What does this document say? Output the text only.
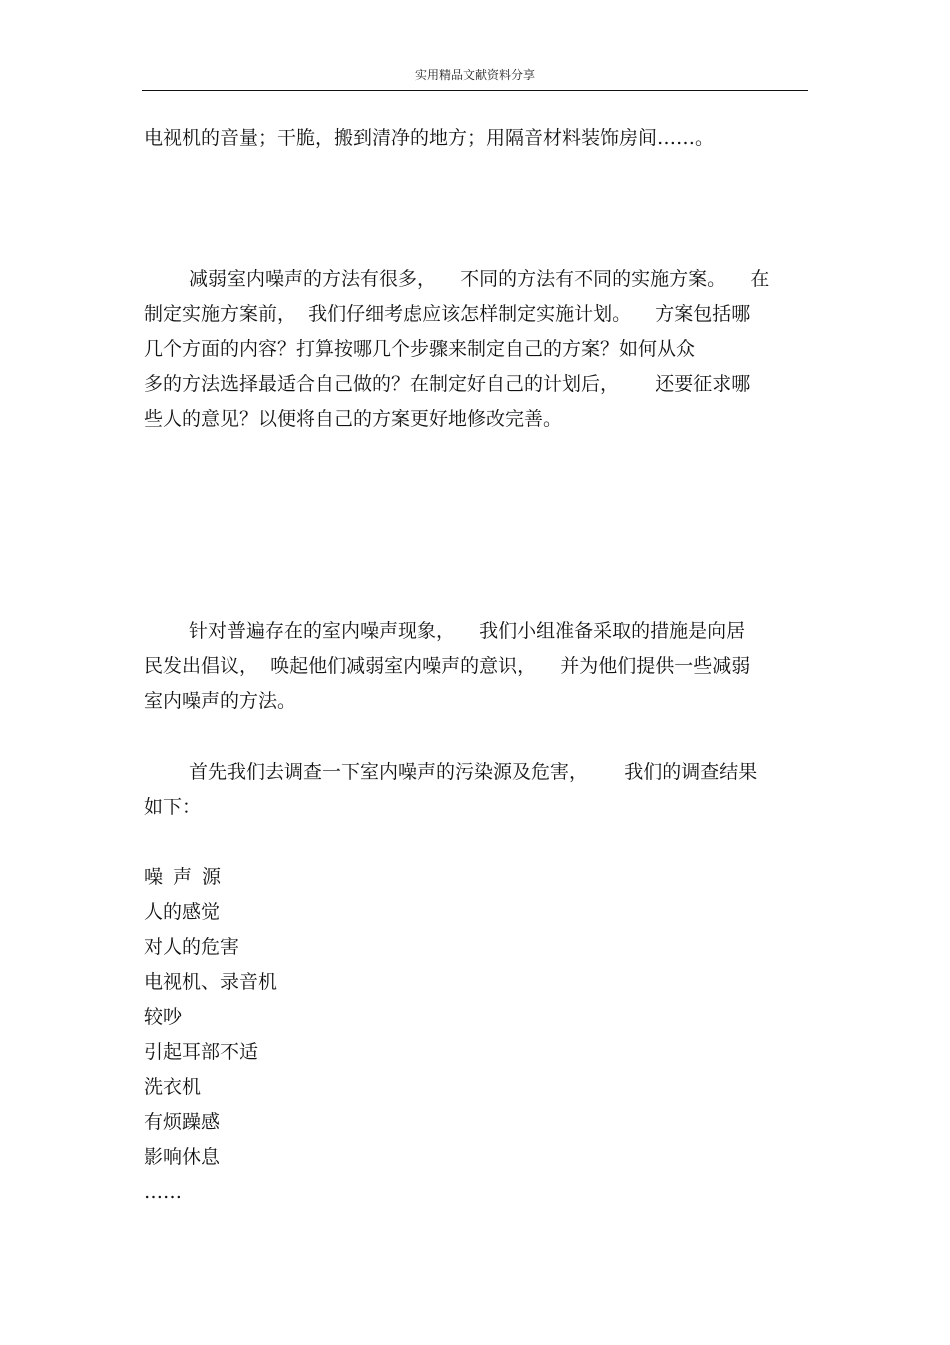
实用精品文献资料分享
电视机的音量；干脆，搬到清净的地方；用隔音材料装饰房间……。
减弱室内噪声的方法有很多，    不同的方法有不同的实施方案。    在
制定实施方案前，  我们仔细考虑应该怎样制定实施计划。    方案包括哪
几个方面的内容？打算按哪几个步骤来制定自己的方案？如何从众
多的方法选择最适合自己做的？在制定好自己的计划后，      还要征求哪
些人的意见？以便将自己的方案更好地修改完善。
针对普遍存在的室内噪声现象，    我们小组准备采取的措施是向居
民发出倡议，  唤起他们减弱室内噪声的意识，    并为他们提供一些减弱
室内噪声的方法。
首先我们去调查一下室内噪声的污染源及危害，      我们的调查结果
如下：
噪声源
人的感觉
对人的危害
电视机、录音机
较吵
引起耳部不适
洗衣机
有烦躁感
影响休息
……
